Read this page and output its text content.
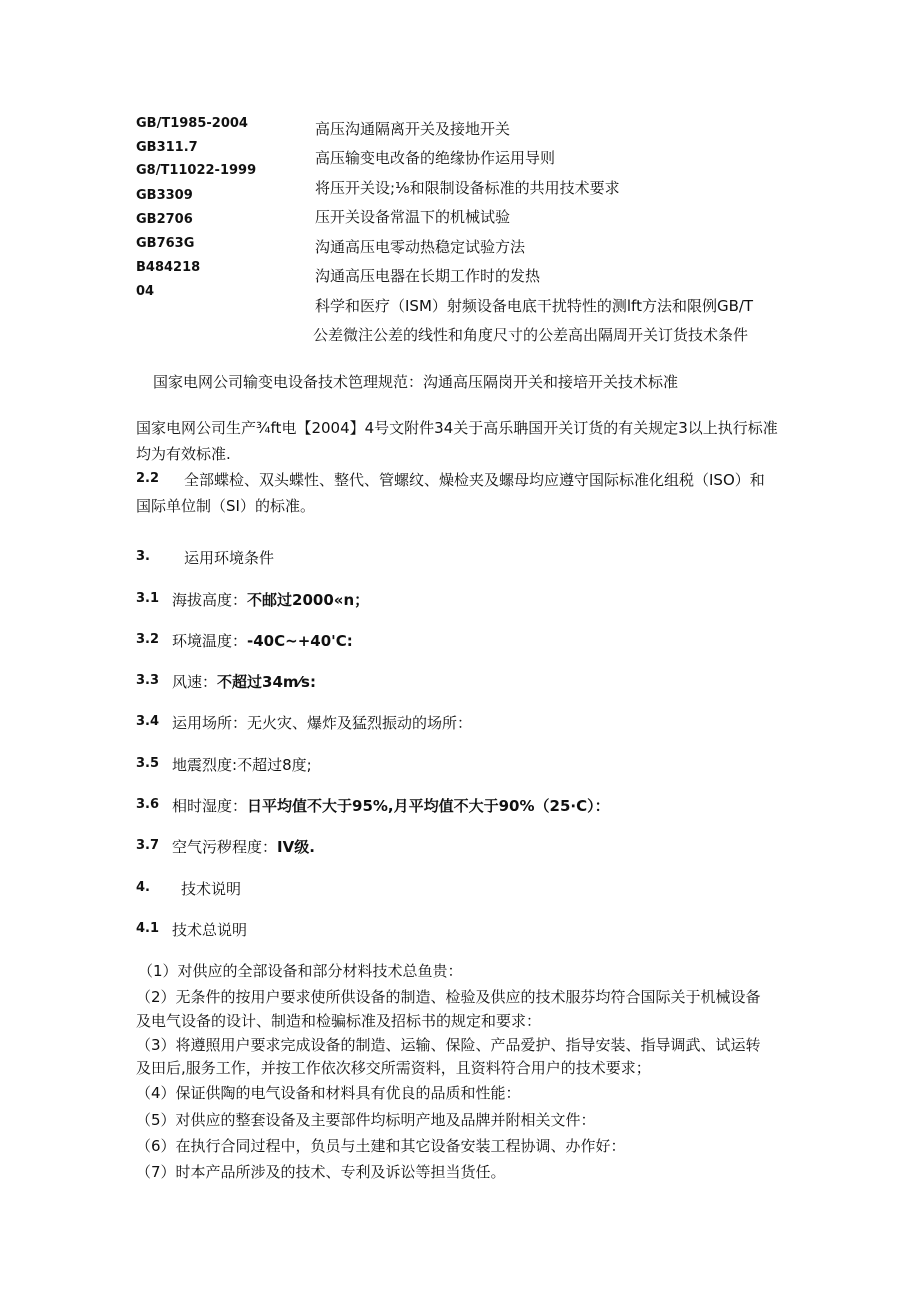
GB/T1985-2004
GB311.7
G8/T11022-1999
GB3309
GB2706
GB763G
B484218
04
高压沟通隔离开关及接地开关
高压输变电改备的绝缘协作运用导则
将压开关设;⅛和限制设备标准的共用技术要求
压开关设备常温下的机械试验
沟通高压电零动热稳定试验方法
沟通高压电器在长期工作时的发热
科学和医疗（ISM）射频设备电底干扰特性的测lft方法和限例GB/T
公差微注公差的线性和角度尺寸的公差高出隔周开关订货技术条件
国家电网公司输变电设备技术笆理规范：沟通高压隔岗开关和接培开关技术标准
国家电网公司生产¾ft电【2004】4号文附件34关于高乐聃国开关订货的有关规定3以上执行标准
均为有效标准.
2.2 全部蝶检、双头蝶性、整代、管螺纹、燥检夹及螺母均应遵守国际标准化组税（ISO）和
国际单位制（SI）的标准。
3. 运用环境条件
3.1 海拔高度：不邮过2000«n；
3.2 环境温度：-40C~+40'C:
3.3 风速：不超过34m⁄s:
3.4 运用场所：无火灾、爆炸及猛烈振动的场所：
3.5 地震烈度:不超过8度;
3.6 相时湿度：日平均值不大于95%,月平均值不大于90%（25∙C）：
3.7 空气污秽程度：IV级.
4. 技术说明
4.1 技术总说明
（1）对供应的全部设备和部分材料技术总鱼贵：
（2）无条件的按用户要求使所供设备的制造、检验及供应的技术服芬均符合国际关于机械设备
及电气设备的设计、制造和检骗标准及招标书的规定和要求：
（3）将遵照用户要求完成设备的制造、运输、保险、产品爱护、指导安装、指导调武、试运转
及田后,服务工作，并按工作依次移交所需资料，且资料符合用户的技术要求；
（4）保证供陶的电气设备和材料具有优良的品质和性能：
（5）对供应的整套设备及主要部件均标明产地及品牌并附相关文件：
（6）在执行合同过程中，负员与土建和其它设备安装工程协调、办作好：
（7）时本产品所涉及的技术、专利及诉讼等担当货任。
